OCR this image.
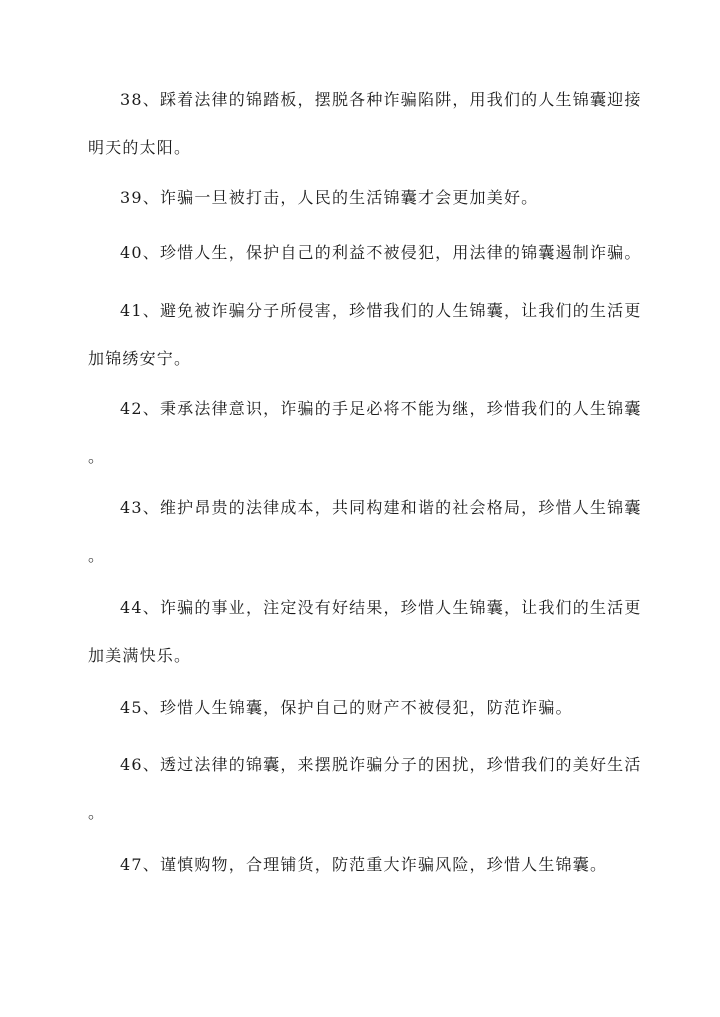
38、踩着法律的锦踏板，摆脱各种诈骗陷阱，用我们的人生锦囊迎接
明天的太阳。
39、诈骗一旦被打击，人民的生活锦囊才会更加美好。
40、珍惜人生，保护自己的利益不被侵犯，用法律的锦囊遏制诈骗。
41、避免被诈骗分子所侵害，珍惜我们的人生锦囊，让我们的生活更
加锦绣安宁。
42、秉承法律意识，诈骗的手足必将不能为继，珍惜我们的人生锦囊
。
43、维护昂贵的法律成本，共同构建和谐的社会格局，珍惜人生锦囊
。
44、诈骗的事业，注定没有好结果，珍惜人生锦囊，让我们的生活更
加美满快乐。
45、珍惜人生锦囊，保护自己的财产不被侵犯，防范诈骗。
46、透过法律的锦囊，来摆脱诈骗分子的困扰，珍惜我们的美好生活
。
47、谨慎购物，合理铺货，防范重大诈骗风险，珍惜人生锦囊。
